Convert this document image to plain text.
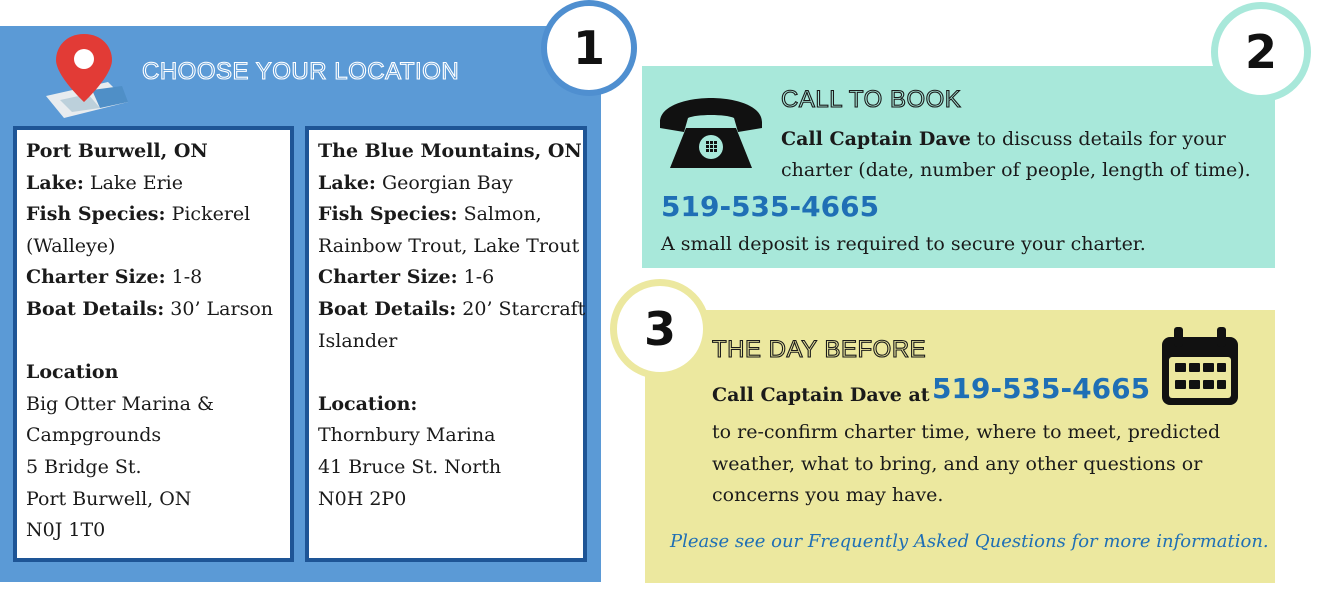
CHOOSE YOUR LOCATION	1
Port Burwell, ON
Lake: Lake Erie
Fish Species: Pickerel
(Walleye)
Charter Size: 1-8
Boat Details: 30’ Larson

Location
Big Otter Marina &
Campgrounds
5 Bridge St.
Port Burwell, ON
N0J 1T0
The Blue Mountains, ON
Lake: Georgian Bay
Fish Species: Salmon,
Rainbow Trout, Lake Trout
Charter Size: 1-6
Boat Details: 20’ Starcraft
Islander

Location:
Thornbury Marina
41 Bruce St. North
N0H 2P0
2
CALL TO BOOK
Call Captain Dave to discuss details for your
charter (date, number of people, length of time).
519-535-4665
A small deposit is required to secure your charter.
3	THE DAY BEFORE
Call Captain Dave at 519-535-4665
to re-confirm charter time, where to meet, predicted
weather, what to bring, and any other questions or
concerns you may have.
Please see our Frequently Asked Questions for more information.
